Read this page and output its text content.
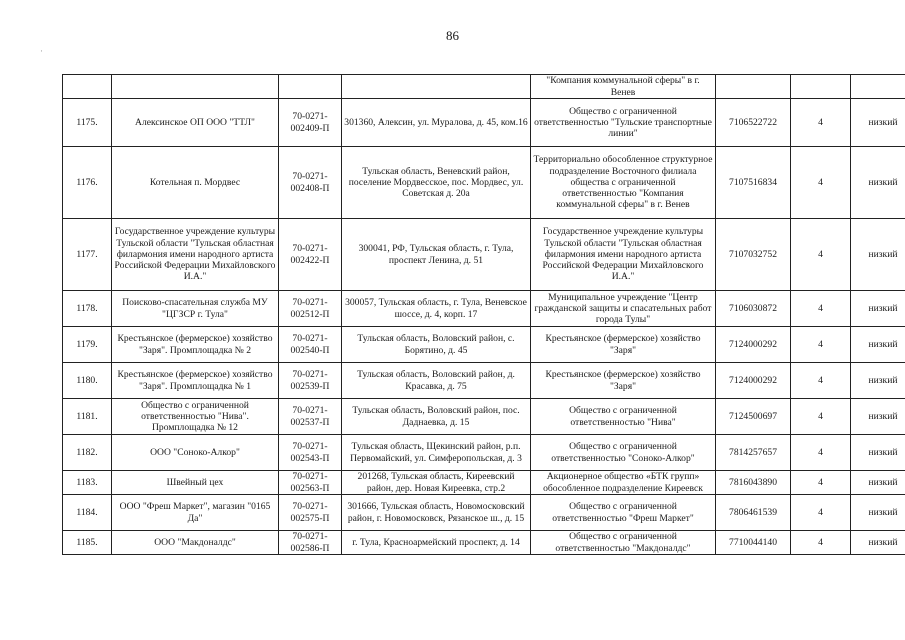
86
				"Компания коммунальной сферы" в г. Венев			
1175.	Алексинское ОП ООО "ТТЛ"	70-0271-002409-П	301360, Алексин, ул. Муралова, д. 45, ком.16	Общество с ограниченной ответственностью "Тульские транспортные линии"	7106522722	4	низкий
1176.	Котельная п. Мордвес	70-0271-002408-П	Тульская область, Веневский район, поселение Мордвесское, пос. Мордвес, ул. Советская д. 20а	Территориально обособленное структурное подразделение Восточного филиала общества с ограниченной ответственностью "Компания коммунальной сферы" в г. Венев	7107516834	4	низкий
1177.	Государственное учреждение культуры Тульской области "Тульская областная филармония имени народного артиста Российской Федерации Михайловского И.А."	70-0271-002422-П	300041, РФ, Тульская область, г. Тула, проспект Ленина, д. 51	Государственное учреждение культуры Тульской области "Тульская областная филармония имени народного артиста Российской Федерации Михайловского И.А."	7107032752	4	низкий
1178.	Поисково-спасательная служба МУ "ЦГЗСР г. Тула"	70-0271-002512-П	300057, Тульская область, г. Тула, Веневское шоссе, д. 4, корп. 17	Муниципальное учреждение "Центр гражданской защиты и спасательных работ города Тулы"	7106030872	4	низкий
1179.	Крестьянское (фермерское) хозяйство "Заря". Промплощадка № 2	70-0271-002540-П	Тульская область, Воловский район, с. Борятино, д. 45	Крестьянское (фермерское) хозяйство "Заря"	7124000292	4	низкий
1180.	Крестьянское (фермерское) хозяйство "Заря". Промплощадка № 1	70-0271-002539-П	Тульская область, Воловский район, д. Красавка, д. 75	Крестьянское (фермерское) хозяйство "Заря"	7124000292	4	низкий
1181.	Общество с ограниченной ответственностью "Нива". Промплощадка № 12	70-0271-002537-П	Тульская область, Воловский район, пос. Даднаевка, д. 15	Общество с ограниченной ответственностью "Нива"	7124500697	4	низкий
1182.	ООО "Сонoко-Алкор"	70-0271-002543-П	Тульская область, Щекинский район, р.п. Первомайский, ул. Симферопольская, д. 3	Общество с ограниченной ответственностью "Сонoко-Алкор"	7814257657	4	низкий
1183.	Швейный цех	70-0271-002563-П	201268, Тульская область, Киреевский район, дер. Новая Киреевка, стр.2	Акционерное общество «БТК групп» обособленное подразделение Киреевск	7816043890	4	низкий
1184.	ООО "Фреш Маркет", магазин "0165 Да"	70-0271-002575-П	301666, Тульская область, Новомосковский район, г. Новомосковск, Рязанское ш., д. 15	Общество с ограниченной ответственностью "Фреш Маркет"	7806461539	4	низкий
1185.	ООО "Макдоналдс"	70-0271-002586-П	г. Тула, Красноармейский проспект, д. 14	Общество с ограниченной ответственностью "Макдоналдс"	7710044140	4	низкий
·
